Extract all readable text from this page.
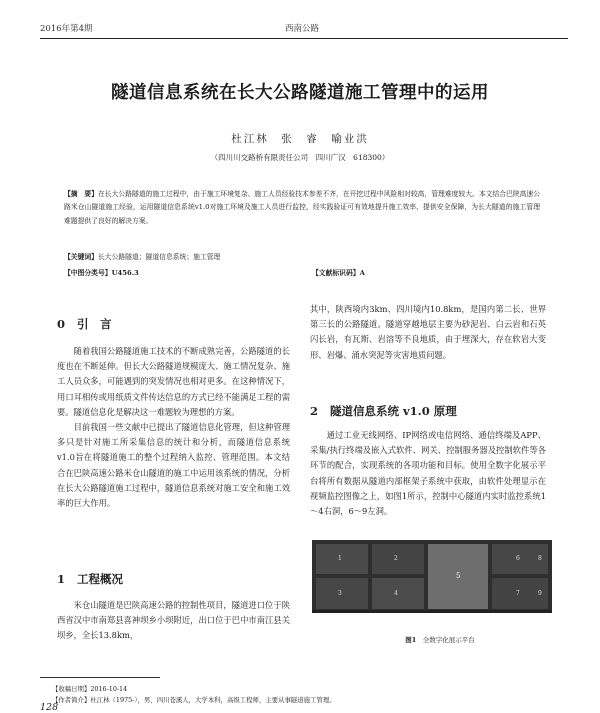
2016年第4期	西南公路
隧道信息系统在长大公路隧道施工管理中的运用
杜江林　张　睿　喻业洪
（四川川交路桥有限责任公司　四川广汉　618300）
【摘　要】在长大公路隧道的施工过程中，由于施工环境复杂、施工人员经验技术参差不齐，在开挖过程中风险相对较高，管理难度较大。本文结合巴陕高速公路米仓山隧道施工经验，运用隧道信息系统v1.0对施工环境及施工人员进行监控，经实践验证可有效地提升施工效率、提供安全保障，为长大隧道的施工管理难题提供了良好的解决方案。
【关键词】长大公路隧道；隧道信息系统；施工管理
【中图分类号】U456.3	【文献标识码】A
0 引　言

随着我国公路隧道施工技术的不断成熟完善，公路隧道的长度也在不断延伸。但长大公路隧道规模庞大、施工情况复杂、施工人员众多，可能遇到的突发情况也相对更多。在这种情况下，用口耳相传或用纸质文件传达信息的方式已经不能满足工程的需要。隧道信息化是解决这一难题较为理想的方案。

目前我国一些文献中已提出了隧道信息化管理，但这种管理多只是针对施工所采集信息的统计和分析，而隧道信息系统v1.0旨在将隧道施工的整个过程纳入监控、管理范围。本文结合在巴陕高速公路米仓山隧道的施工中运用该系统的情况，分析在长大公路隧道施工过程中，隧道信息系统对施工安全和施工效率的巨大作用。

1 工程概况

米仓山隧道是巴陕高速公路的控制性项目，隧道进口位于陕西省汉中市南郑县喜神坝乡小坝附近，出口位于巴中市南江县关坝乡，全长13.8km，

其中，陕西境内3km、四川境内10.8km，是国内第二长、世界第三长的公路隧道。隧道穿越地层主要为砂泥岩、白云岩和石英闪长岩，有瓦斯、岩溶等不良地质，由于埋深大，存在软岩大变形、岩爆、涌水突泥等灾害地质问题。

2 隧道信息系统 v1.0 原理

通过工业无线网络、IP网络或电信网络、通信终端及APP、采集/执行终端及嵌入式软件、网关、控制服务器及控制软件等各环节的配合，实现系统的各项功能和目标。使用全数字化展示平台将所有数据从隧道内部框架子系统中获取，由软件处理显示在视频监控图像之上，如图1所示，控制中心隧道内实时监控系统1～4右洞，6～9左洞。

1	2
3	4
5
6
7
8
9
图1　 全数字化展示平台
【收稿日期】2016-10-14
【作者简介】杜江林（1975-），男，四川苍溪人，大学本科，高级工程师，主要从事隧道施工管理。
128
